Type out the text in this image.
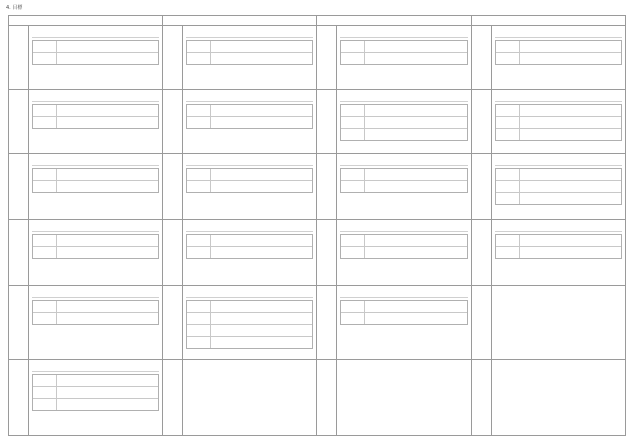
4. 目標
